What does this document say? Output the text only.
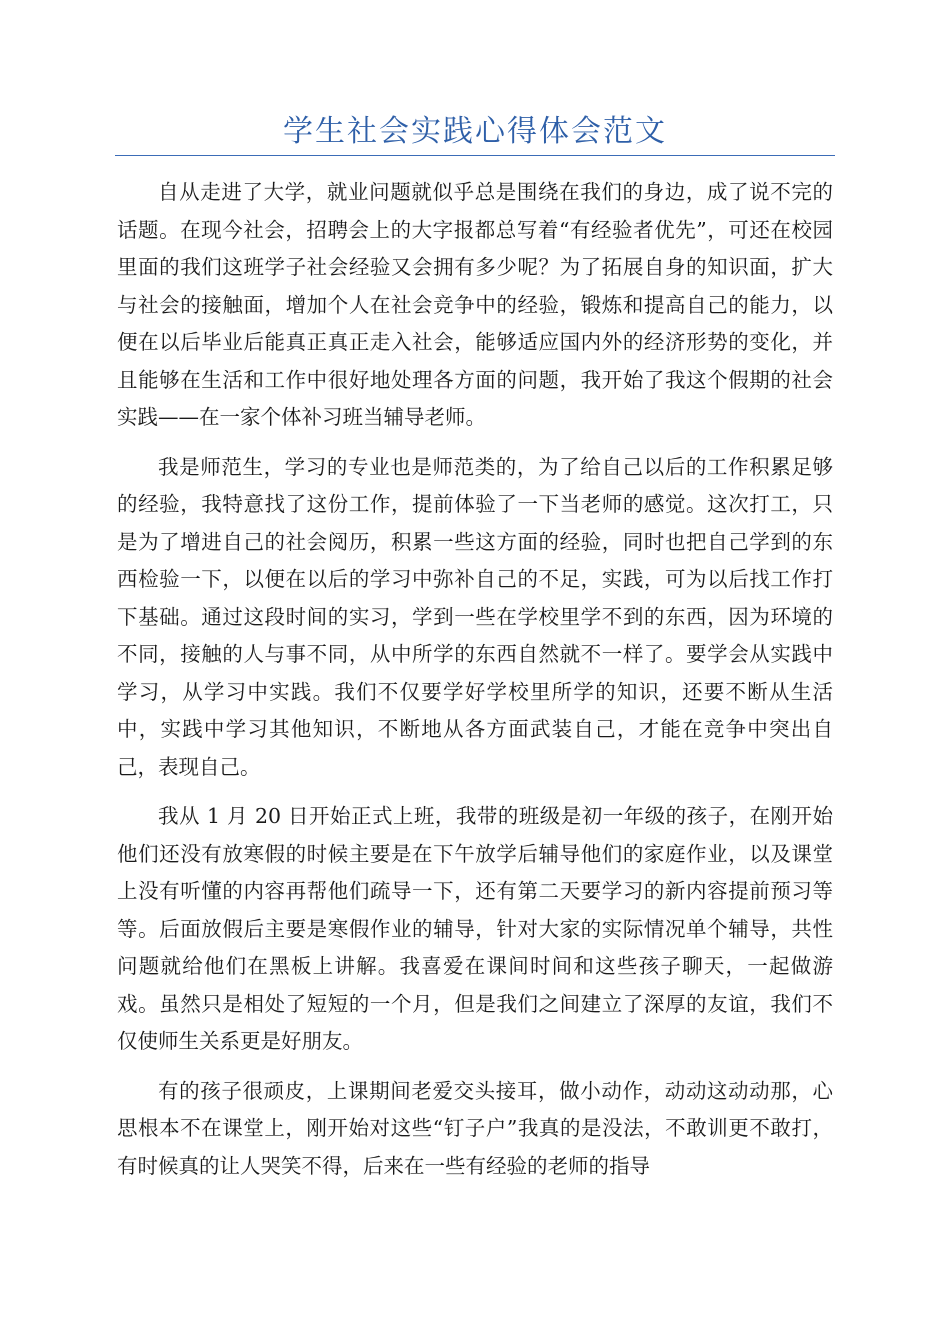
学生社会实践心得体会范文

自从走进了大学，就业问题就似乎总是围绕在我们的身边，成了说不完的话题。在现今社会，招聘会上的大字报都总写着“有经验者优先”，可还在校园里面的我们这班学子社会经验又会拥有多少呢？为了拓展自身的知识面，扩大与社会的接触面，增加个人在社会竞争中的经验，锻炼和提高自己的能力，以便在以后毕业后能真正真正走入社会，能够适应国内外的经济形势的变化，并且能够在生活和工作中很好地处理各方面的问题，我开始了我这个假期的社会实践——在一家个体补习班当辅导老师。

我是师范生，学习的专业也是师范类的，为了给自己以后的工作积累足够的经验，我特意找了这份工作，提前体验了一下当老师的感觉。这次打工，只是为了增进自己的社会阅历，积累一些这方面的经验，同时也把自己学到的东西检验一下，以便在以后的学习中弥补自己的不足，实践，可为以后找工作打下基础。通过这段时间的实习，学到一些在学校里学不到的东西，因为环境的不同，接触的人与事不同，从中所学的东西自然就不一样了。要学会从实践中学习，从学习中实践。我们不仅要学好学校里所学的知识，还要不断从生活中，实践中学习其他知识，不断地从各方面武装自己，才能在竞争中突出自己，表现自己。

我从 1 月 20 日开始正式上班，我带的班级是初一年级的孩子，在刚开始他们还没有放寒假的时候主要是在下午放学后辅导他们的家庭作业，以及课堂上没有听懂的内容再帮他们疏导一下，还有第二天要学习的新内容提前预习等等。后面放假后主要是寒假作业的辅导，针对大家的实际情况单个辅导，共性问题就给他们在黑板上讲解。我喜爱在课间时间和这些孩子聊天，一起做游戏。虽然只是相处了短短的一个月，但是我们之间建立了深厚的友谊，我们不仅使师生关系更是好朋友。

有的孩子很顽皮，上课期间老爱交头接耳，做小动作，动动这动动那，心思根本不在课堂上，刚开始对这些“钉子户”我真的是没法，不敢训更不敢打，有时候真的让人哭笑不得，后来在一些有经验的老师的指导
